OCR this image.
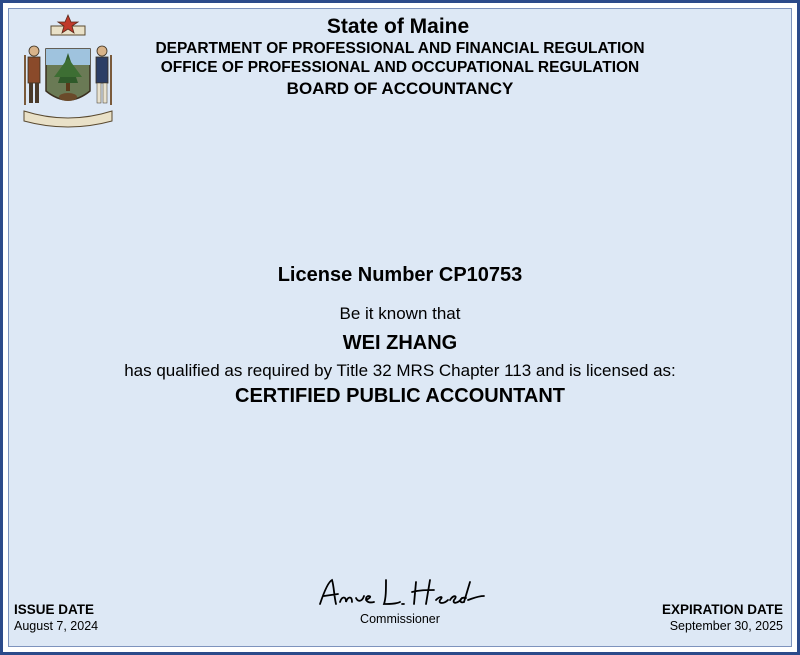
State of Maine
DEPARTMENT OF PROFESSIONAL AND FINANCIAL REGULATION
OFFICE OF PROFESSIONAL AND OCCUPATIONAL REGULATION
BOARD OF ACCOUNTANCY
License Number CP10753
Be it known that
WEI ZHANG
has qualified as required by Title 32 MRS Chapter 113 and is licensed as:
CERTIFIED PUBLIC ACCOUNTANT
ISSUE DATE
August 7, 2024	Commissioner
EXPIRATION DATE
September 30, 2025
